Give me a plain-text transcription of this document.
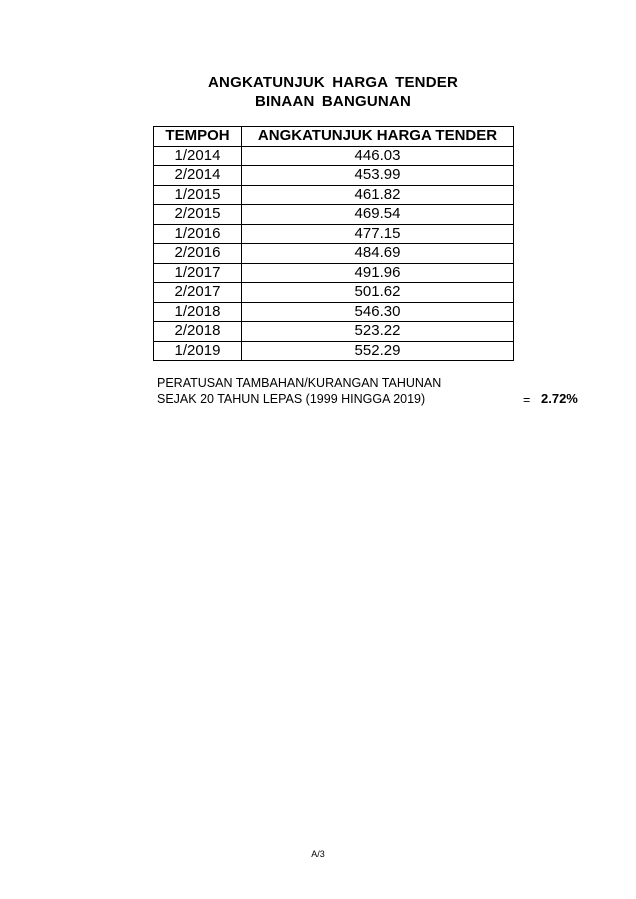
ANGKATUNJUK HARGA TENDER
BINAAN BANGUNAN
TEMPOH	ANGKATUNJUK HARGA TENDER
1/2014	446.03
2/2014	453.99
1/2015	461.82
2/2015	469.54
1/2016	477.15
2/2016	484.69
1/2017	491.96
2/2017	501.62
1/2018	546.30
2/2018	523.22
1/2019	552.29
PERATUSAN TAMBAHAN/KURANGAN TAHUNAN
SEJAK 20 TAHUN LEPAS (1999 HINGGA 2019)	= 2.72%
A/3
